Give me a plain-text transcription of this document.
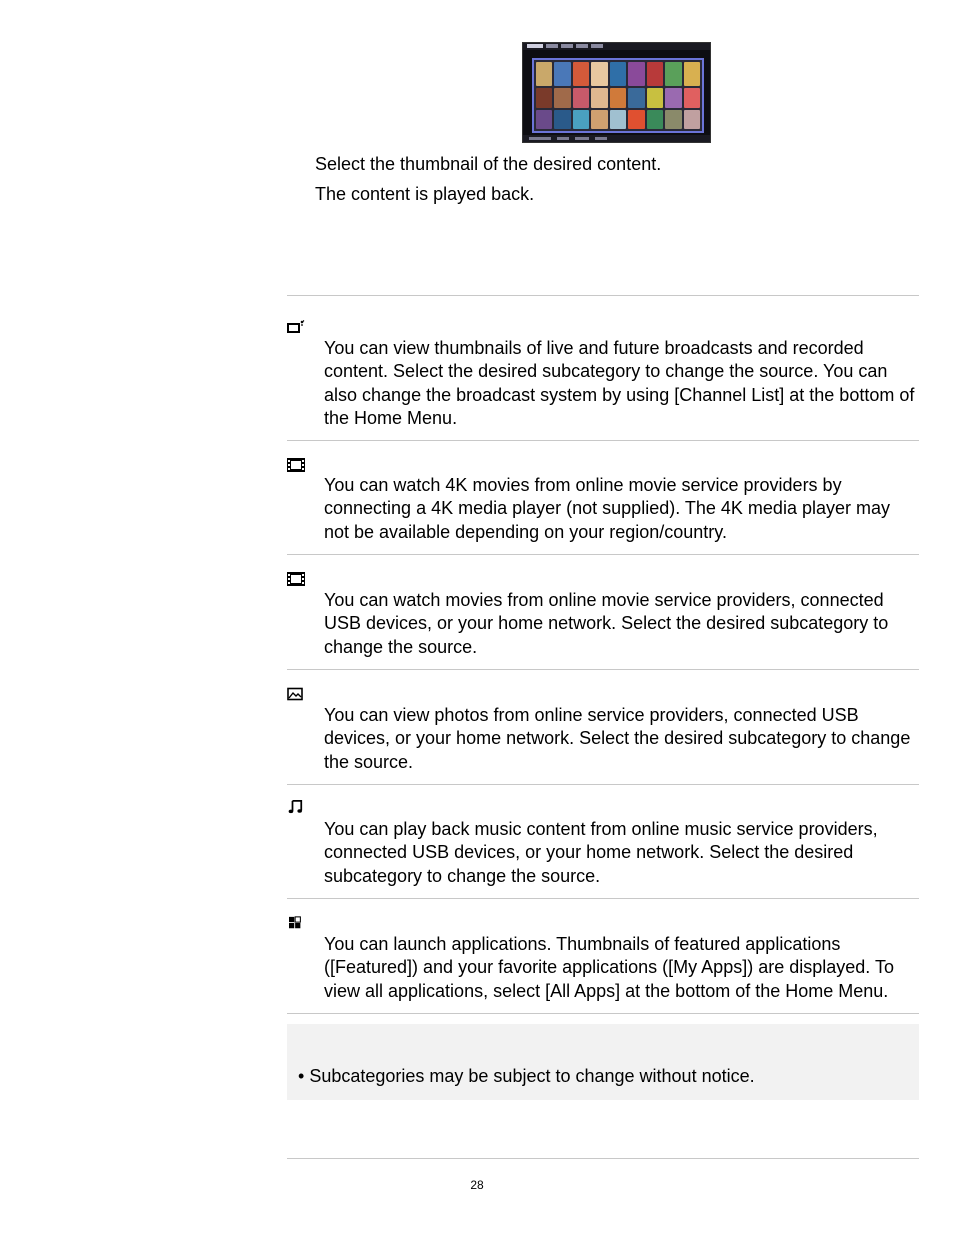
Select the thumbnail of the desired content.
The content is played back.
You can view thumbnails of live and future broadcasts and recorded content. Select the desired subcategory to change the source. You can also change the broadcast system by using [Channel List] at the bottom of the Home Menu.
You can watch 4K movies from online movie service providers by connecting a 4K media player (not supplied). The 4K media player may not be available depending on your region/country.
You can watch movies from online movie service providers, connected USB devices, or your home network. Select the desired subcategory to change the source.
You can view photos from online service providers, connected USB devices, or your home network. Select the desired subcategory to change the source.
You can play back music content from online music service providers, connected USB devices, or your home network. Select the desired subcategory to change the source.
You can launch applications. Thumbnails of featured applications ([Featured]) and your favorite applications ([My Apps]) are displayed. To view all applications, select [All Apps] at the bottom of the Home Menu.
• Subcategories may be subject to change without notice.
28
